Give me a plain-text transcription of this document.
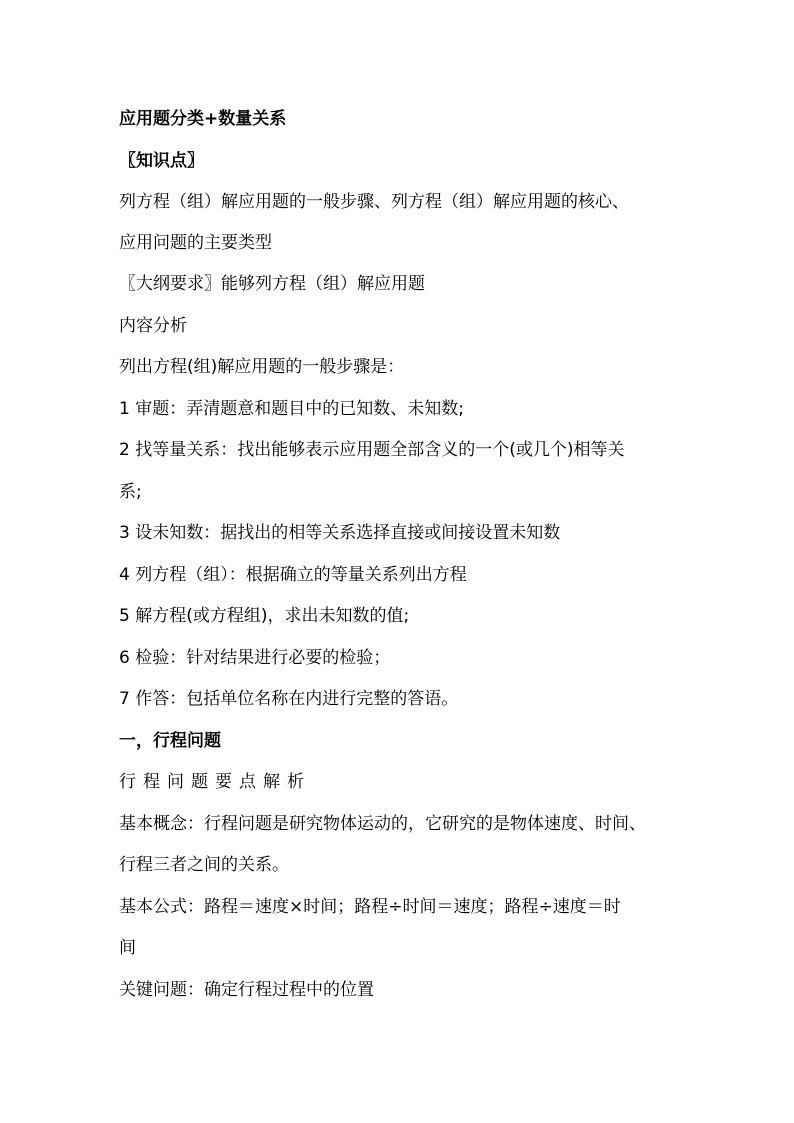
应用题分类+数量关系
〖知识点〗
列方程（组）解应用题的一般步骤、列方程（组）解应用题的核心、
应用问题的主要类型
〖大纲要求〗能够列方程（组）解应用题
内容分析
列出方程(组)解应用题的一般步骤是：
1 审题：弄清题意和题目中的已知数、未知数;
2 找等量关系：找出能够表示应用题全部含义的一个(或几个)相等关
系;
3 设未知数：据找出的相等关系选择直接或间接设置未知数
4 列方程（组）：根据确立的等量关系列出方程
5 解方程(或方程组)，求出未知数的值;
6 检验：针对结果进行必要的检验；
7 作答：包括单位名称在内进行完整的答语。
一，行程问题
行程问题要点解析
基本概念：行程问题是研究物体运动的，它研究的是物体速度、时间、
行程三者之间的关系。
基本公式：路程＝速度×时间；路程÷时间＝速度；路程÷速度＝时
间
关键问题：确定行程过程中的位置
